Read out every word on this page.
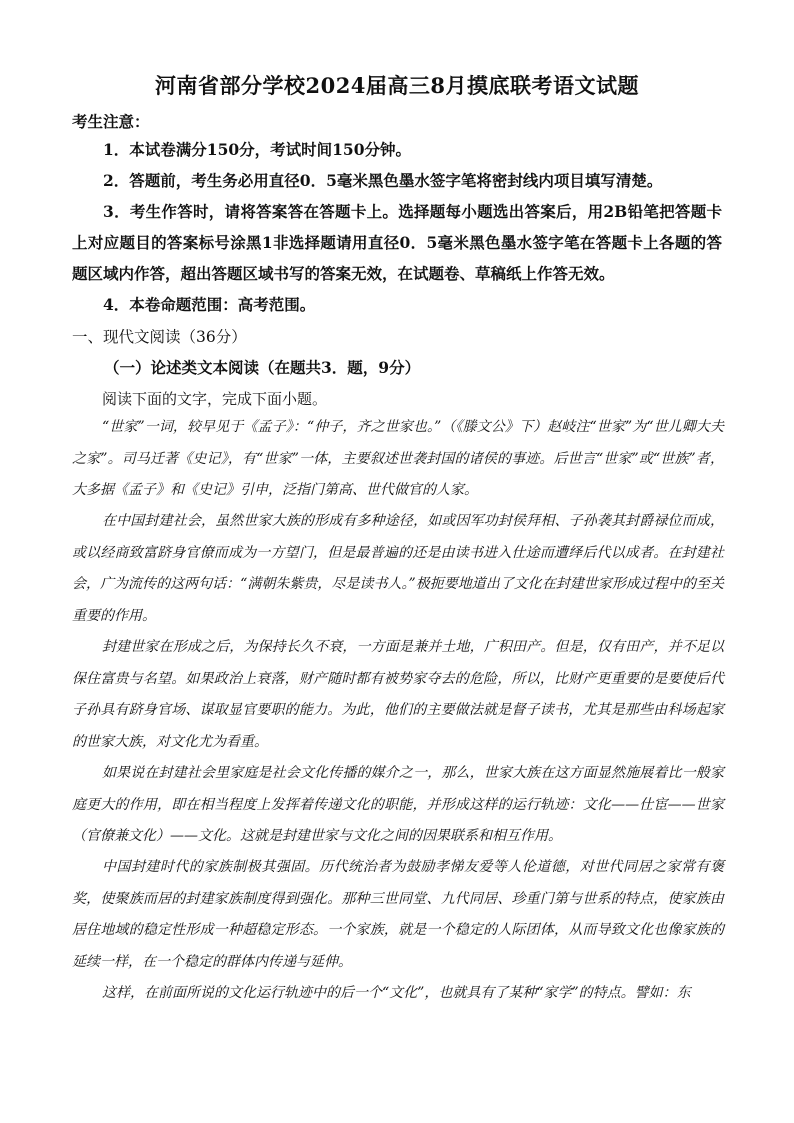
河南省部分学校2024届高三8月摸底联考语文试题
考生注意：
1．本试卷满分150分，考试时间150分钟。
2．答题前，考生务必用直径0．5毫米黑色墨水签字笔将密封线内项目填写清楚。
3．考生作答时，请将答案答在答题卡上。选择题每小题选出答案后，用2B铅笔把答题卡上对应题目的答案标号涂黑1非选择题请用直径0．5毫米黑色墨水签字笔在答题卡上各题的答题区域内作答，超出答题区域书写的答案无效，在试题卷、草稿纸上作答无效。
4．本卷命题范围：高考范围。
一、现代文阅读（36分）
（一）论述类文本阅读（在题共3．题，9分）
阅读下面的文字，完成下面小题。
“世家”一词，较早见于《孟子》：“仲子，齐之世家也。”（《滕文公》下）赵岐注“世家”为“世儿卿大夫之家”。司马迁著《史记》，有“世家”一体，主要叙述世袭封国的诸侯的事迹。后世言“世家”或“世族”者，大多据《孟子》和《史记》引申，泛指门第高、世代做官的人家。
在中国封建社会，虽然世家大族的形成有多种途径，如或因军功封侯拜相、子孙袭其封爵禄位而成，或以经商致富跻身官僚而成为一方望门，但是最普遍的还是由读书进入仕途而遭绎后代以成者。在封建社会，广为流传的这两句话：“满朝朱紫贵，尽是读书人。”极扼要地道出了文化在封建世家形成过程中的至关重要的作用。
封建世家在形成之后，为保持长久不衰，一方面是兼并土地，广积田产。但是，仅有田产，并不足以保住富贵与名望。如果政治上衰落，财产随时都有被势家夺去的危险，所以，比财产更重要的是要使后代子孙具有跻身官场、谋取显官要职的能力。为此，他们的主要做法就是督子读书，尤其是那些由科场起家的世家大族，对文化尤为看重。
如果说在封建社会里家庭是社会文化传播的媒介之一，那么，世家大族在这方面显然施展着比一般家庭更大的作用，即在相当程度上发挥着传递文化的职能，并形成这样的运行轨迹：文化——仕宦——世家（官僚兼文化）——文化。这就是封建世家与文化之间的因果联系和相互作用。
中国封建时代的家族制极其强固。历代统治者为鼓励孝悌友爱等人伦道德，对世代同居之家常有褒奖，使聚族而居的封建家族制度得到强化。那种三世同堂、九代同居、珍重门第与世系的特点，使家族由居住地域的稳定性形成一种超稳定形态。一个家族，就是一个稳定的人际团体，从而导致文化也像家族的延续一样，在一个稳定的群体内传递与延伸。
这样，在前面所说的文化运行轨迹中的后一个“文化”，也就具有了某种“家学”的特点。譬如：东
